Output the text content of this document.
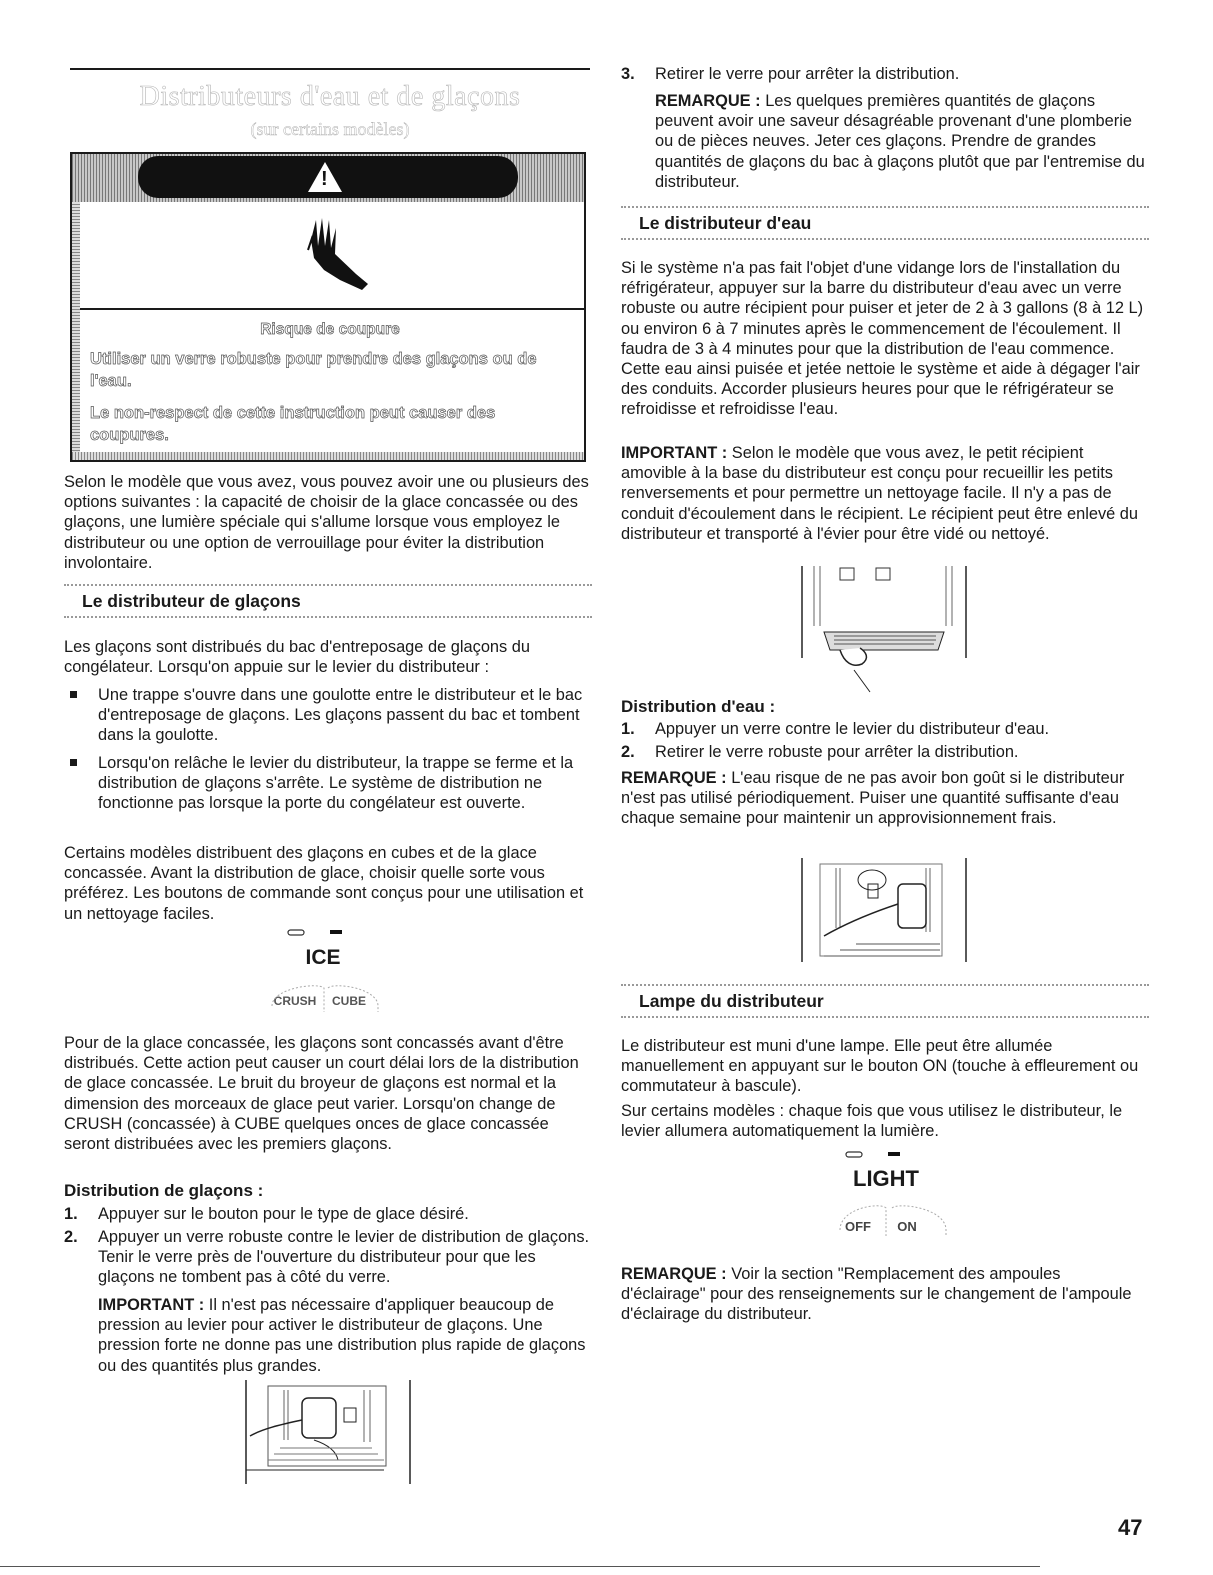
Distributeurs d'eau et de glaçons
(sur certains modèles)
!AVERTISSEMENT
Risque de coupure
Utiliser un verre robuste pour prendre des glaçons ou de l'eau.
Le non-respect de cette instruction peut causer des coupures.

Selon le modèle que vous avez, vous pouvez avoir une ou plusieurs des options suivantes : la capacité de choisir de la glace concassée ou des glaçons, une lumière spéciale qui s'allume lorsque vous employez le distributeur ou une option de verrouillage pour éviter la distribution involontaire.

Le distributeur de glaçons

Les glaçons sont distribués du bac d'entreposage de glaçons du congélateur. Lorsqu'on appuie sur le levier du distributeur :

Une trappe s'ouvre dans une goulotte entre le distributeur et le bac d'entreposage de glaçons. Les glaçons passent du bac et tombent dans la goulotte.

Lorsqu'on relâche le levier du distributeur, la trappe se ferme et la distribution de glaçons s'arrête. Le système de distribution ne fonctionne pas lorsque la porte du congélateur est ouverte.

Certains modèles distribuent des glaçons en cubes et de la glace concassée. Avant la distribution de glace, choisir quelle sorte vous préférez. Les boutons de commande sont conçus pour une utilisation et un nettoyage faciles.

ICE
CRUSH	CUBE

Pour de la glace concassée, les glaçons sont concassés avant d'être distribués. Cette action peut causer un court délai lors de la distribution de glace concassée. Le bruit du broyeur de glaçons est normal et la dimension des morceaux de glace peut varier. Lorsqu'on change de CRUSH (concassée) à CUBE quelques onces de glace concassée seront distribuées avec les premiers glaçons.

Distribution de glaçons :

1. Appuyer sur le bouton pour le type de glace désiré.
2. Appuyer un verre robuste contre le levier de distribution de glaçons. Tenir le verre près de l'ouverture du distributeur pour que les glaçons ne tombent pas à côté du verre.

IMPORTANT : Il n'est pas nécessaire d'appliquer beaucoup de pression au levier pour activer le distributeur de glaçons. Une pression forte ne donne pas une distribution plus rapide de glaçons ou des quantités plus grandes.

3. Retirer le verre pour arrêter la distribution.

REMARQUE : Les quelques premières quantités de glaçons peuvent avoir une saveur désagréable provenant d'une plomberie ou de pièces neuves. Jeter ces glaçons. Prendre de grandes quantités de glaçons du bac à glaçons plutôt que par l'entremise du distributeur.

Le distributeur d'eau

Si le système n'a pas fait l'objet d'une vidange lors de l'installation du réfrigérateur, appuyer sur la barre du distributeur d'eau avec un verre robuste ou autre récipient pour puiser et jeter de 2 à 3 gallons (8 à 12 L) ou environ 6 à 7 minutes après le commencement de l'écoulement. Il faudra de 3 à 4 minutes pour que la distribution de l'eau commence. Cette eau ainsi puisée et jetée nettoie le système et aide à dégager l'air des conduits. Accorder plusieurs heures pour que le réfrigérateur se refroidisse et refroidisse l'eau.

IMPORTANT : Selon le modèle que vous avez, le petit récipient amovible à la base du distributeur est conçu pour recueillir les petits renversements et pour permettre un nettoyage facile. Il n'y a pas de conduit d'écoulement dans le récipient. Le récipient peut être enlevé du distributeur et transporté à l'évier pour être vidé ou nettoyé.

Distribution d'eau :

1. Appuyer un verre contre le levier du distributeur d'eau.
2. Retirer le verre robuste pour arrêter la distribution.

REMARQUE : L'eau risque de ne pas avoir bon goût si le distributeur n'est pas utilisé périodiquement. Puiser une quantité suffisante d'eau chaque semaine pour maintenir un approvisionnement frais.

Lampe du distributeur

Le distributeur est muni d'une lampe. Elle peut être allumée manuellement en appuyant sur le bouton ON (touche à effleurement ou commutateur à bascule).

Sur certains modèles : chaque fois que vous utilisez le distributeur, le levier allumera automatiquement la lumière.

LIGHT
OFF	ON

REMARQUE : Voir la section "Remplacement des ampoules d'éclairage" pour des renseignements sur le changement de l'ampoule d'éclairage du distributeur.

47
